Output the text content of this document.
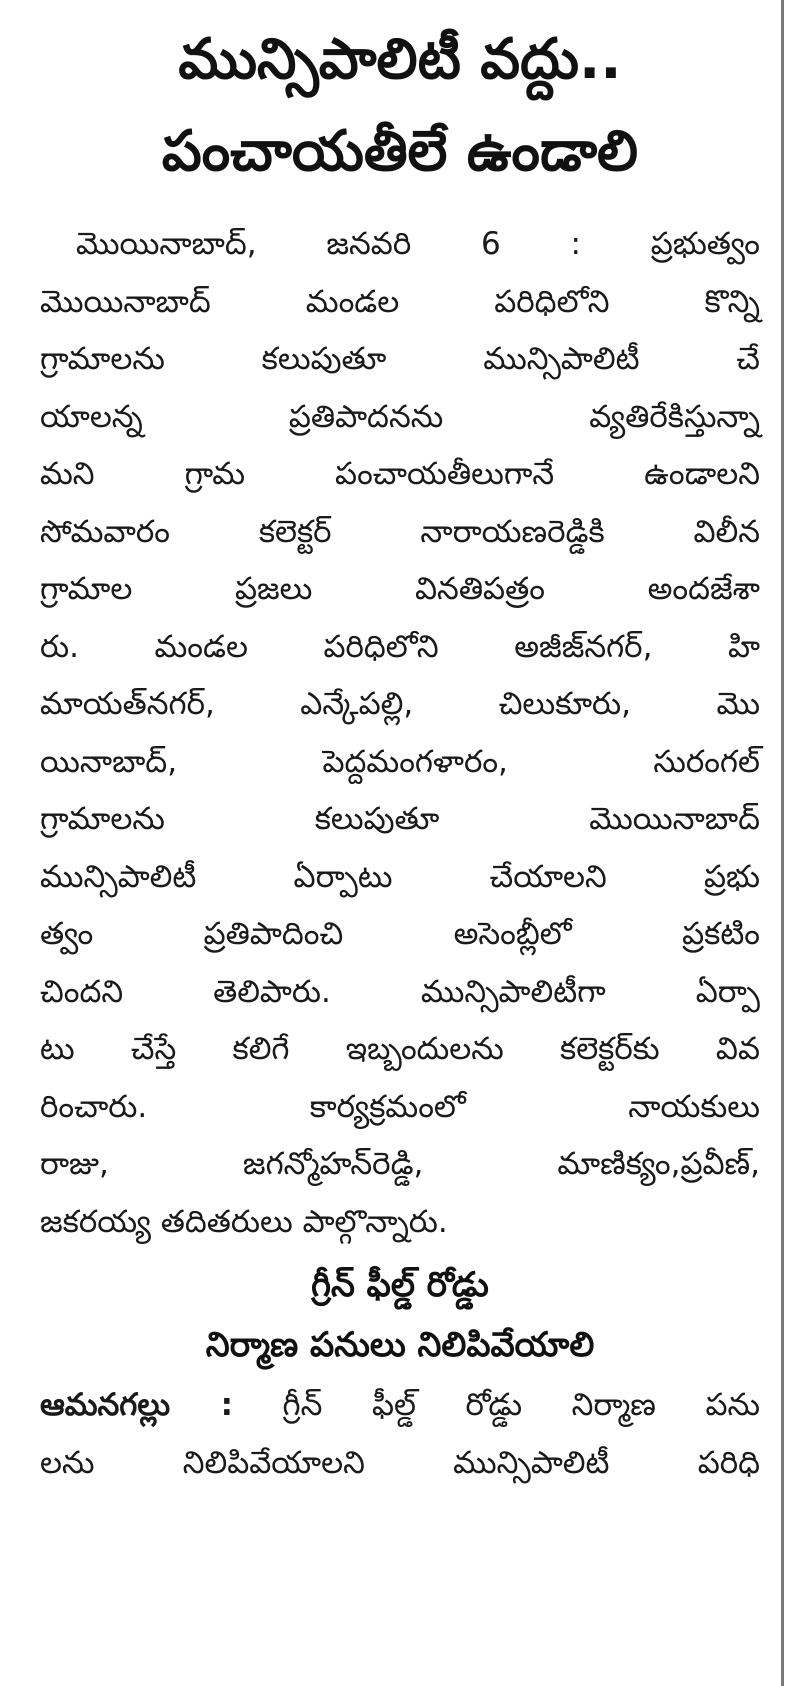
మున్సిపాలిటీ వద్దు..
పంచాయతీలే ఉండాలి
మొయినాబాద్, జనవరి 6 : ప్రభుత్వం
మొయినాబాద్ మండల పరిధిలోని కొన్ని
గ్రామాలను కలుపుతూ మున్సిపాలిటీ చే
యాలన్న ప్రతిపాదనను వ్యతిరేకిస్తున్నా
మని గ్రామ పంచాయతీలుగానే ఉండాలని
సోమవారం కలెక్టర్ నారాయణరెడ్డికి విలీన
గ్రామాల ప్రజలు వినతిపత్రం అందజేశా
రు. మండల పరిధిలోని అజీజ్‌నగర్, హి
మాయత్‌నగర్, ఎన్కేపల్లి, చిలుకూరు, మొ
యినాబాద్, పెద్దమంగళారం, సురంగల్
గ్రామాలను కలుపుతూ మొయినాబాద్
మున్సిపాలిటీ ఏర్పాటు చేయాలని ప్రభు
త్వం ప్రతిపాదించి అసెంబ్లీలో ప్రకటిం
చిందని తెలిపారు. మున్సిపాలిటీగా ఏర్పా
టు చేస్తే కలిగే ఇబ్బందులను కలెక్టర్‌కు వివ
రించారు. కార్యక్రమంలో నాయకులు
రాజు, జగన్మోహన్‌రెడ్డి, మాణిక్యం,ప్రవీణ్,
జకరయ్య తదితరులు పాల్గొన్నారు.
గ్రీన్ ఫీల్డ్ రోడ్డు
నిర్మాణ పనులు నిలిపివేయాలి
ఆమనగల్లు : గ్రీన్ ఫీల్డ్ రోడ్డు నిర్మాణ పను
లను నిలిపివేయాలని మున్సిపాలిటీ పరిధి
